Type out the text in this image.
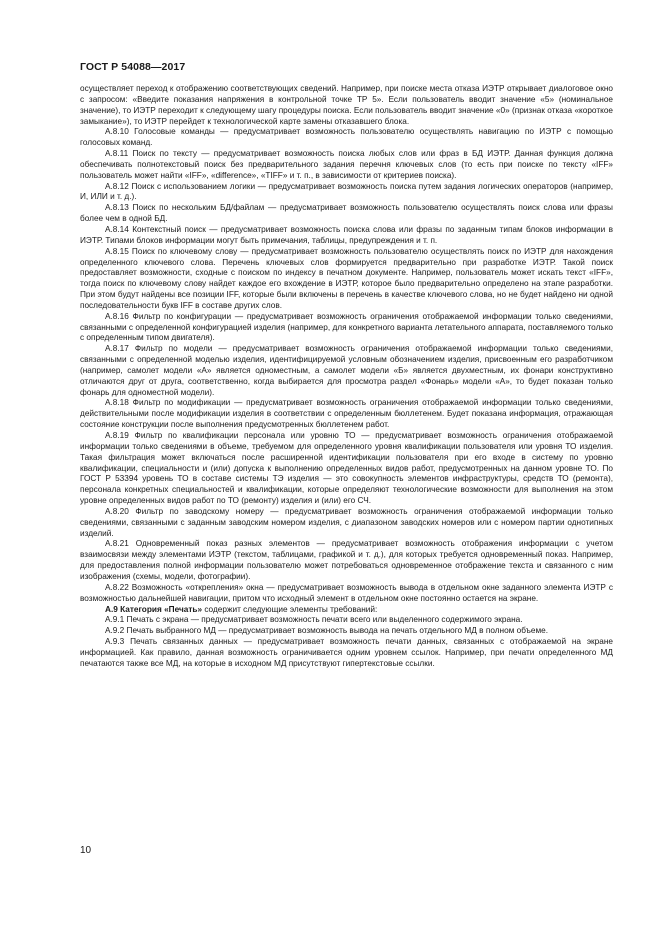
ГОСТ Р 54088—2017

осуществляет переход к отображению соответствующих сведений. Например, при поиске места отказа ИЭТР открывает диалоговое окно с запросом: «Введите показания напряжения в контрольной точке ТР 5». Если пользователь вводит значение «5» (номинальное значение), то ИЭТР переходит к следующему шагу процедуры поиска. Если пользователь вводит значение «0» (признак отказа «короткое замыкание»), то ИЭТР перейдет к технологической карте замены отказавшего блока.

А.8.10 Голосовые команды — предусматривает возможность пользователю осуществлять навигацию по ИЭТР с помощью голосовых команд.

А.8.11 Поиск по тексту — предусматривает возможность поиска любых слов или фраз в БД ИЭТР. Данная функция должна обеспечивать полнотекстовый поиск без предварительного задания перечня ключевых слов (то есть при поиске по тексту «IFF» пользователь может найти «IFF», «difference», «TIFF» и т. п., в зависимости от критериев поиска).

А.8.12 Поиск с использованием логики — предусматривает возможность поиска путем задания логических операторов (например, И, ИЛИ и т. д.).

А.8.13 Поиск по нескольким БД/файлам — предусматривает возможность пользователю осуществлять поиск слова или фразы более чем в одной БД.

А.8.14 Контекстный поиск — предусматривает возможность поиска слова или фразы по заданным типам блоков информации в ИЭТР. Типами блоков информации могут быть примечания, таблицы, предупреждения и т. п.

А.8.15 Поиск по ключевому слову — предусматривает возможность пользователю осуществлять поиск по ИЭТР для нахождения определенного ключевого слова. Перечень ключевых слов формируется предварительно при разработке ИЭТР. Такой поиск предоставляет возможности, сходные с поиском по индексу в печатном документе. Например, пользователь может искать текст «IFF», тогда поиск по ключевому слову найдет каждое его вхождение в ИЭТР, которое было предварительно определено на этапе разработки. При этом будут найдены все позиции IFF, которые были включены в перечень в качестве ключевого слова, но не будет найдено ни одной последовательности букв IFF в составе других слов.

А.8.16 Фильтр по конфигурации — предусматривает возможность ограничения отображаемой информации только сведениями, связанными с определенной конфигурацией изделия (например, для конкретного варианта летательного аппарата, поставляемого только с определенным типом двигателя).

А.8.17 Фильтр по модели — предусматривает возможность ограничения отображаемой информации только сведениями, связанными с определенной моделью изделия, идентифицируемой условным обозначением изделия, присвоенным его разработчиком (например, самолет модели «А» является одноместным, а самолет модели «Б» является двухместным, их фонари конструктивно отличаются друг от друга, соответственно, когда выбирается для просмотра раздел «Фонарь» модели «А», то будет показан только фонарь для одноместной модели).

А.8.18 Фильтр по модификации — предусматривает возможность ограничения отображаемой информации только сведениями, действительными после модификации изделия в соответствии с определенным бюллетенем. Будет показана информация, отражающая состояние конструкции после выполнения предусмотренных бюллетенем работ.

А.8.19 Фильтр по квалификации персонала или уровню ТО — предусматривает возможность ограничения отображаемой информации только сведениями в объеме, требуемом для определенного уровня квалификации пользователя или уровня ТО изделия. Такая фильтрация может включаться после расширенной идентификации пользователя при его входе в систему по уровню квалификации, специальности и (или) допуска к выполнению определенных видов работ, предусмотренных на данном уровне ТО. По ГОСТ Р 53394 уровень ТО в составе системы ТЭ изделия — это совокупность элементов инфраструктуры, средств ТО (ремонта), персонала конкретных специальностей и квалификации, которые определяют технологические возможности для выполнения на этом уровне определенных видов работ по ТО (ремонту) изделия и (или) его СЧ.

А.8.20 Фильтр по заводскому номеру — предусматривает возможность ограничения отображаемой информации только сведениями, связанными с заданным заводским номером изделия, с диапазоном заводских номеров или с номером партии однотипных изделий.

А.8.21 Одновременный показ разных элементов — предусматривает возможность отображения информации с учетом взаимосвязи между элементами ИЭТР (текстом, таблицами, графикой и т. д.), для которых требуется одновременный показ. Например, для предоставления полной информации пользователю может потребоваться одновременное отображение текста и связанного с ним изображения (схемы, модели, фотографии).

А.8.22 Возможность «открепления» окна — предусматривает возможность вывода в отдельном окне заданного элемента ИЭТР с возможностью дальнейшей навигации, притом что исходный элемент в отдельном окне постоянно остается на экране.

А.9 Категория «Печать» содержит следующие элементы требований:

А.9.1 Печать с экрана — предусматривает возможность печати всего или выделенного содержимого экрана.

А.9.2 Печать выбранного МД — предусматривает возможность вывода на печать отдельного МД в полном объеме.

А.9.3 Печать связанных данных — предусматривает возможность печати данных, связанных с отображаемой на экране информацией. Как правило, данная возможность ограничивается одним уровнем ссылок. Например, при печати определенного МД печатаются также все МД, на которые в исходном МД присутствуют гипертекстовые ссылки.

10
